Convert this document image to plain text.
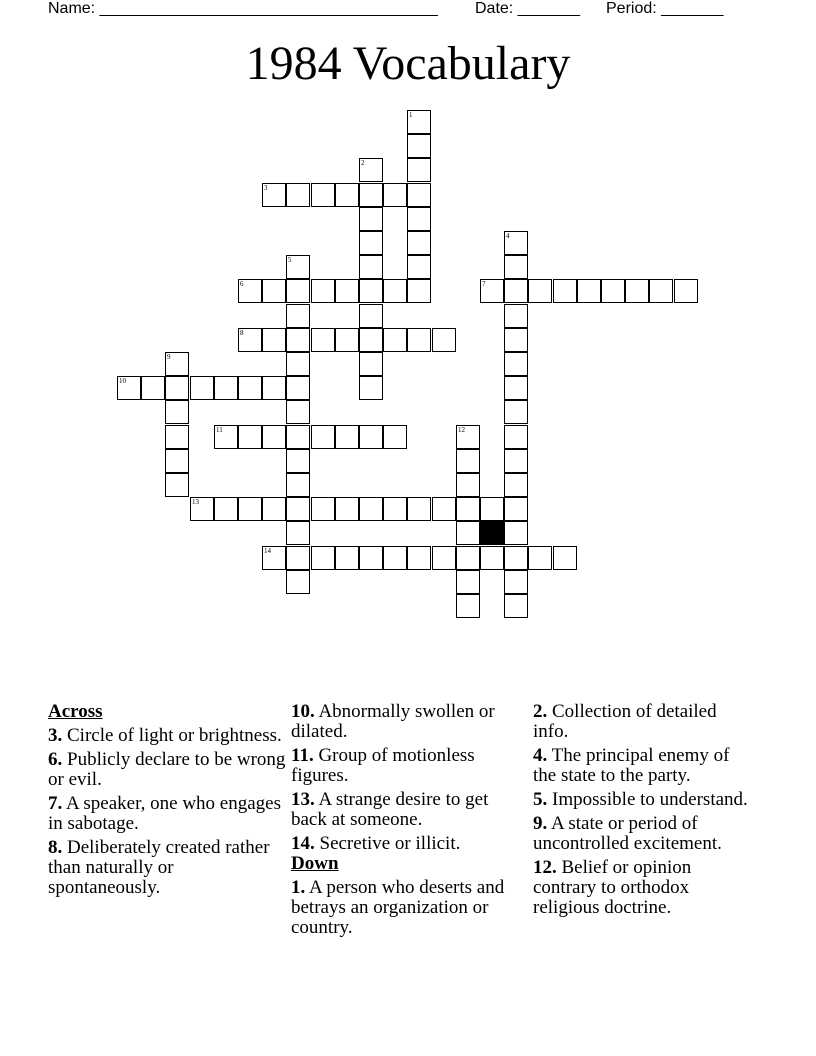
Name: ______________________________________ Date: _______ Period: _______
1984 Vocabulary
1
2
3
4
5
6	7
8
9
10
11	12
13
14
Across
3. Circle of light or brightness.
6. Publicly declare to be wrong or evil.
7. A speaker, one who engages in sabotage.
8. Deliberately created rather than naturally or spontaneously.
10. Abnormally swollen or dilated.
11. Group of motionless figures.
13. A strange desire to get back at someone.
14. Secretive or illicit.
Down
1. A person who deserts and betrays an organization or country.
2. Collection of detailed info.
4. The principal enemy of the state to the party.
5. Impossible to understand.
9. A state or period of uncontrolled excitement.
12. Belief or opinion contrary to orthodox religious doctrine.
